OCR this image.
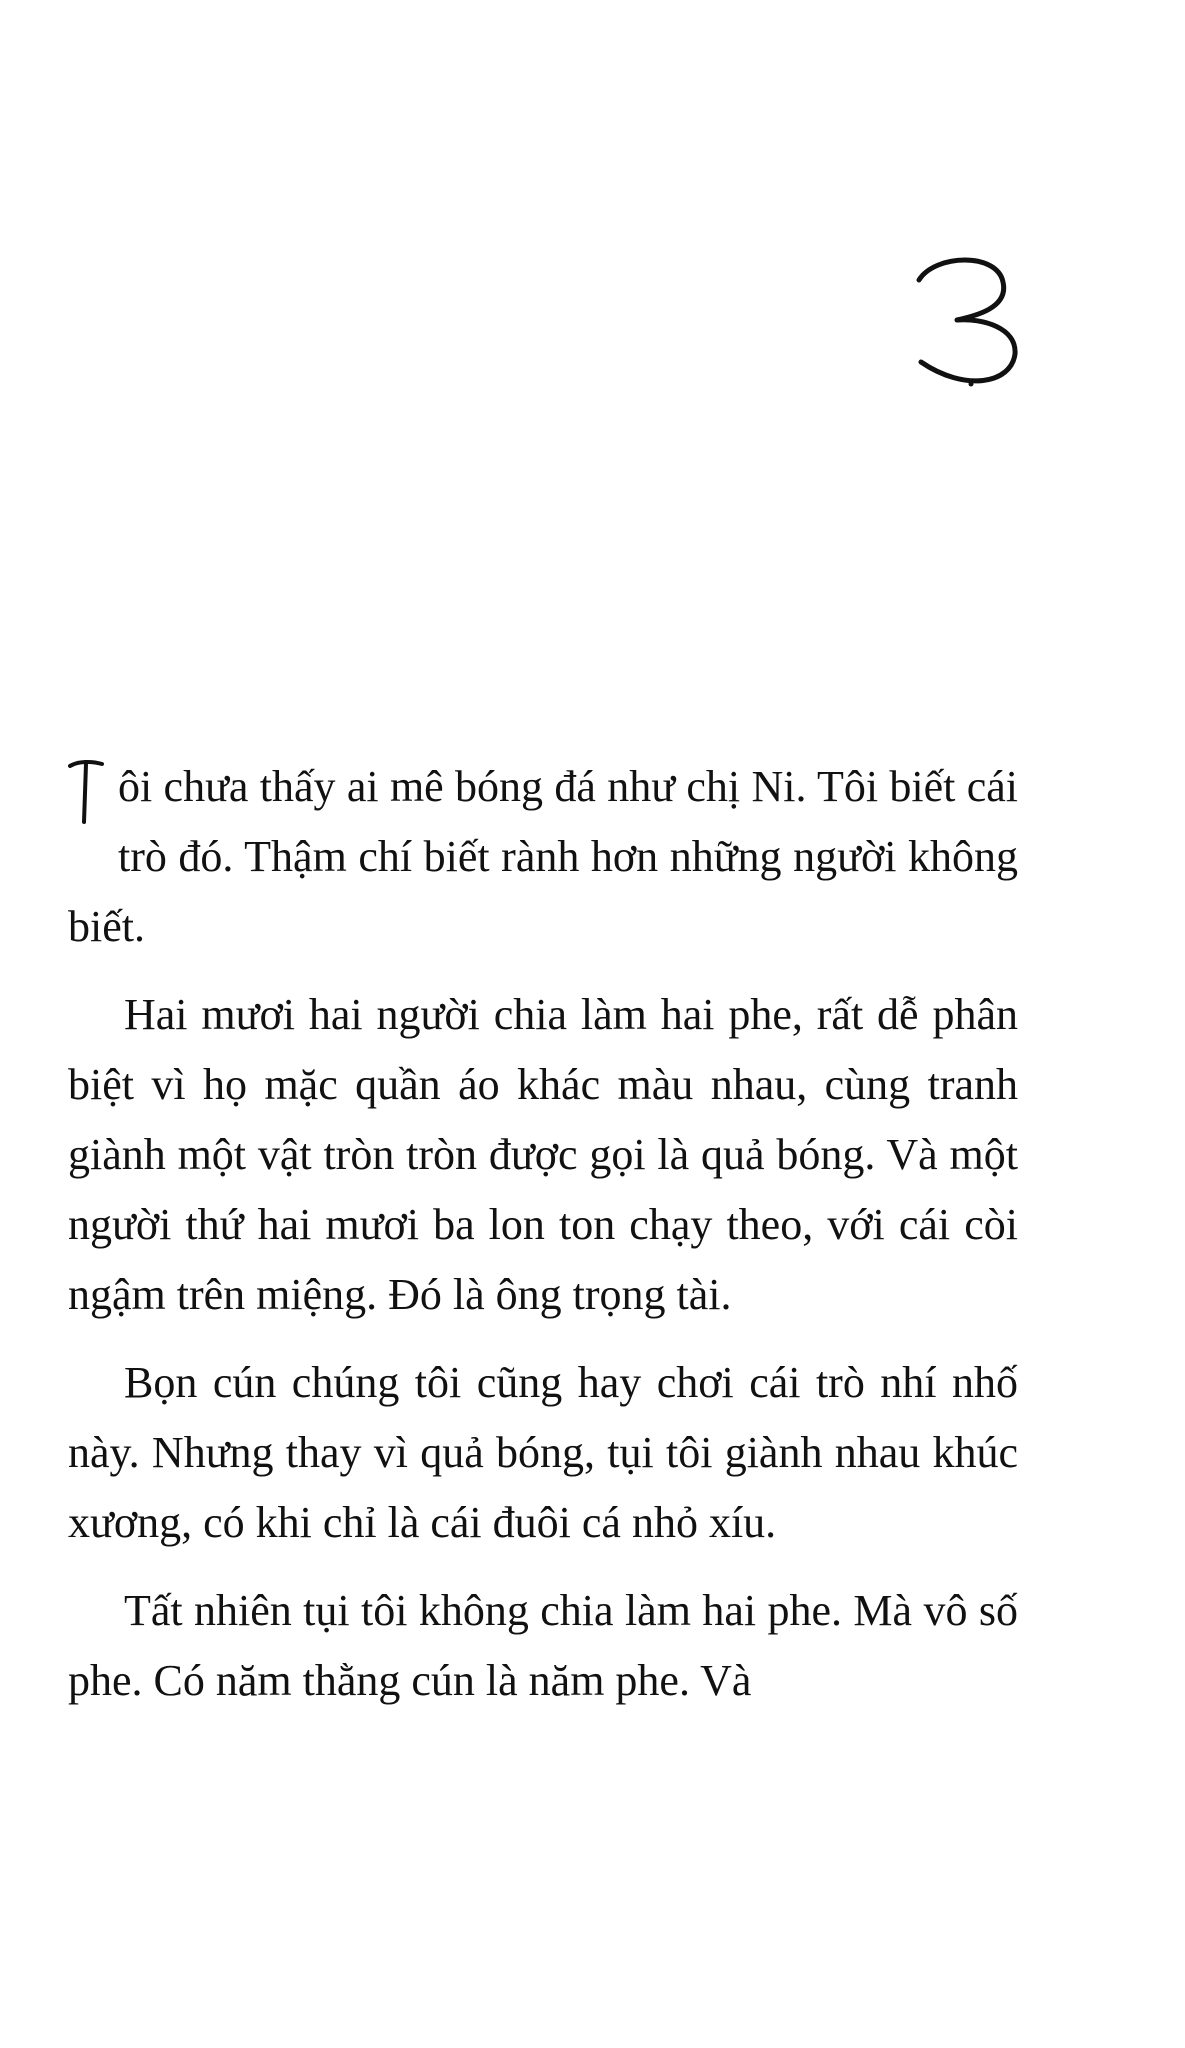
ôi chưa thấy ai mê bóng đá như chị Ni. Tôi biết cái trò đó. Thậm chí biết rành hơn những người không biết.

Hai mươi hai người chia làm hai phe, rất dễ phân biệt vì họ mặc quần áo khác màu nhau, cùng tranh giành một vật tròn tròn được gọi là quả bóng. Và một người thứ hai mươi ba lon ton chạy theo, với cái còi ngậm trên miệng. Đó là ông trọng tài.

Bọn cún chúng tôi cũng hay chơi cái trò nhí nhố này. Nhưng thay vì quả bóng, tụi tôi giành nhau khúc xương, có khi chỉ là cái đuôi cá nhỏ xíu.

Tất nhiên tụi tôi không chia làm hai phe. Mà vô số phe. Có năm thằng cún là năm phe. Và
